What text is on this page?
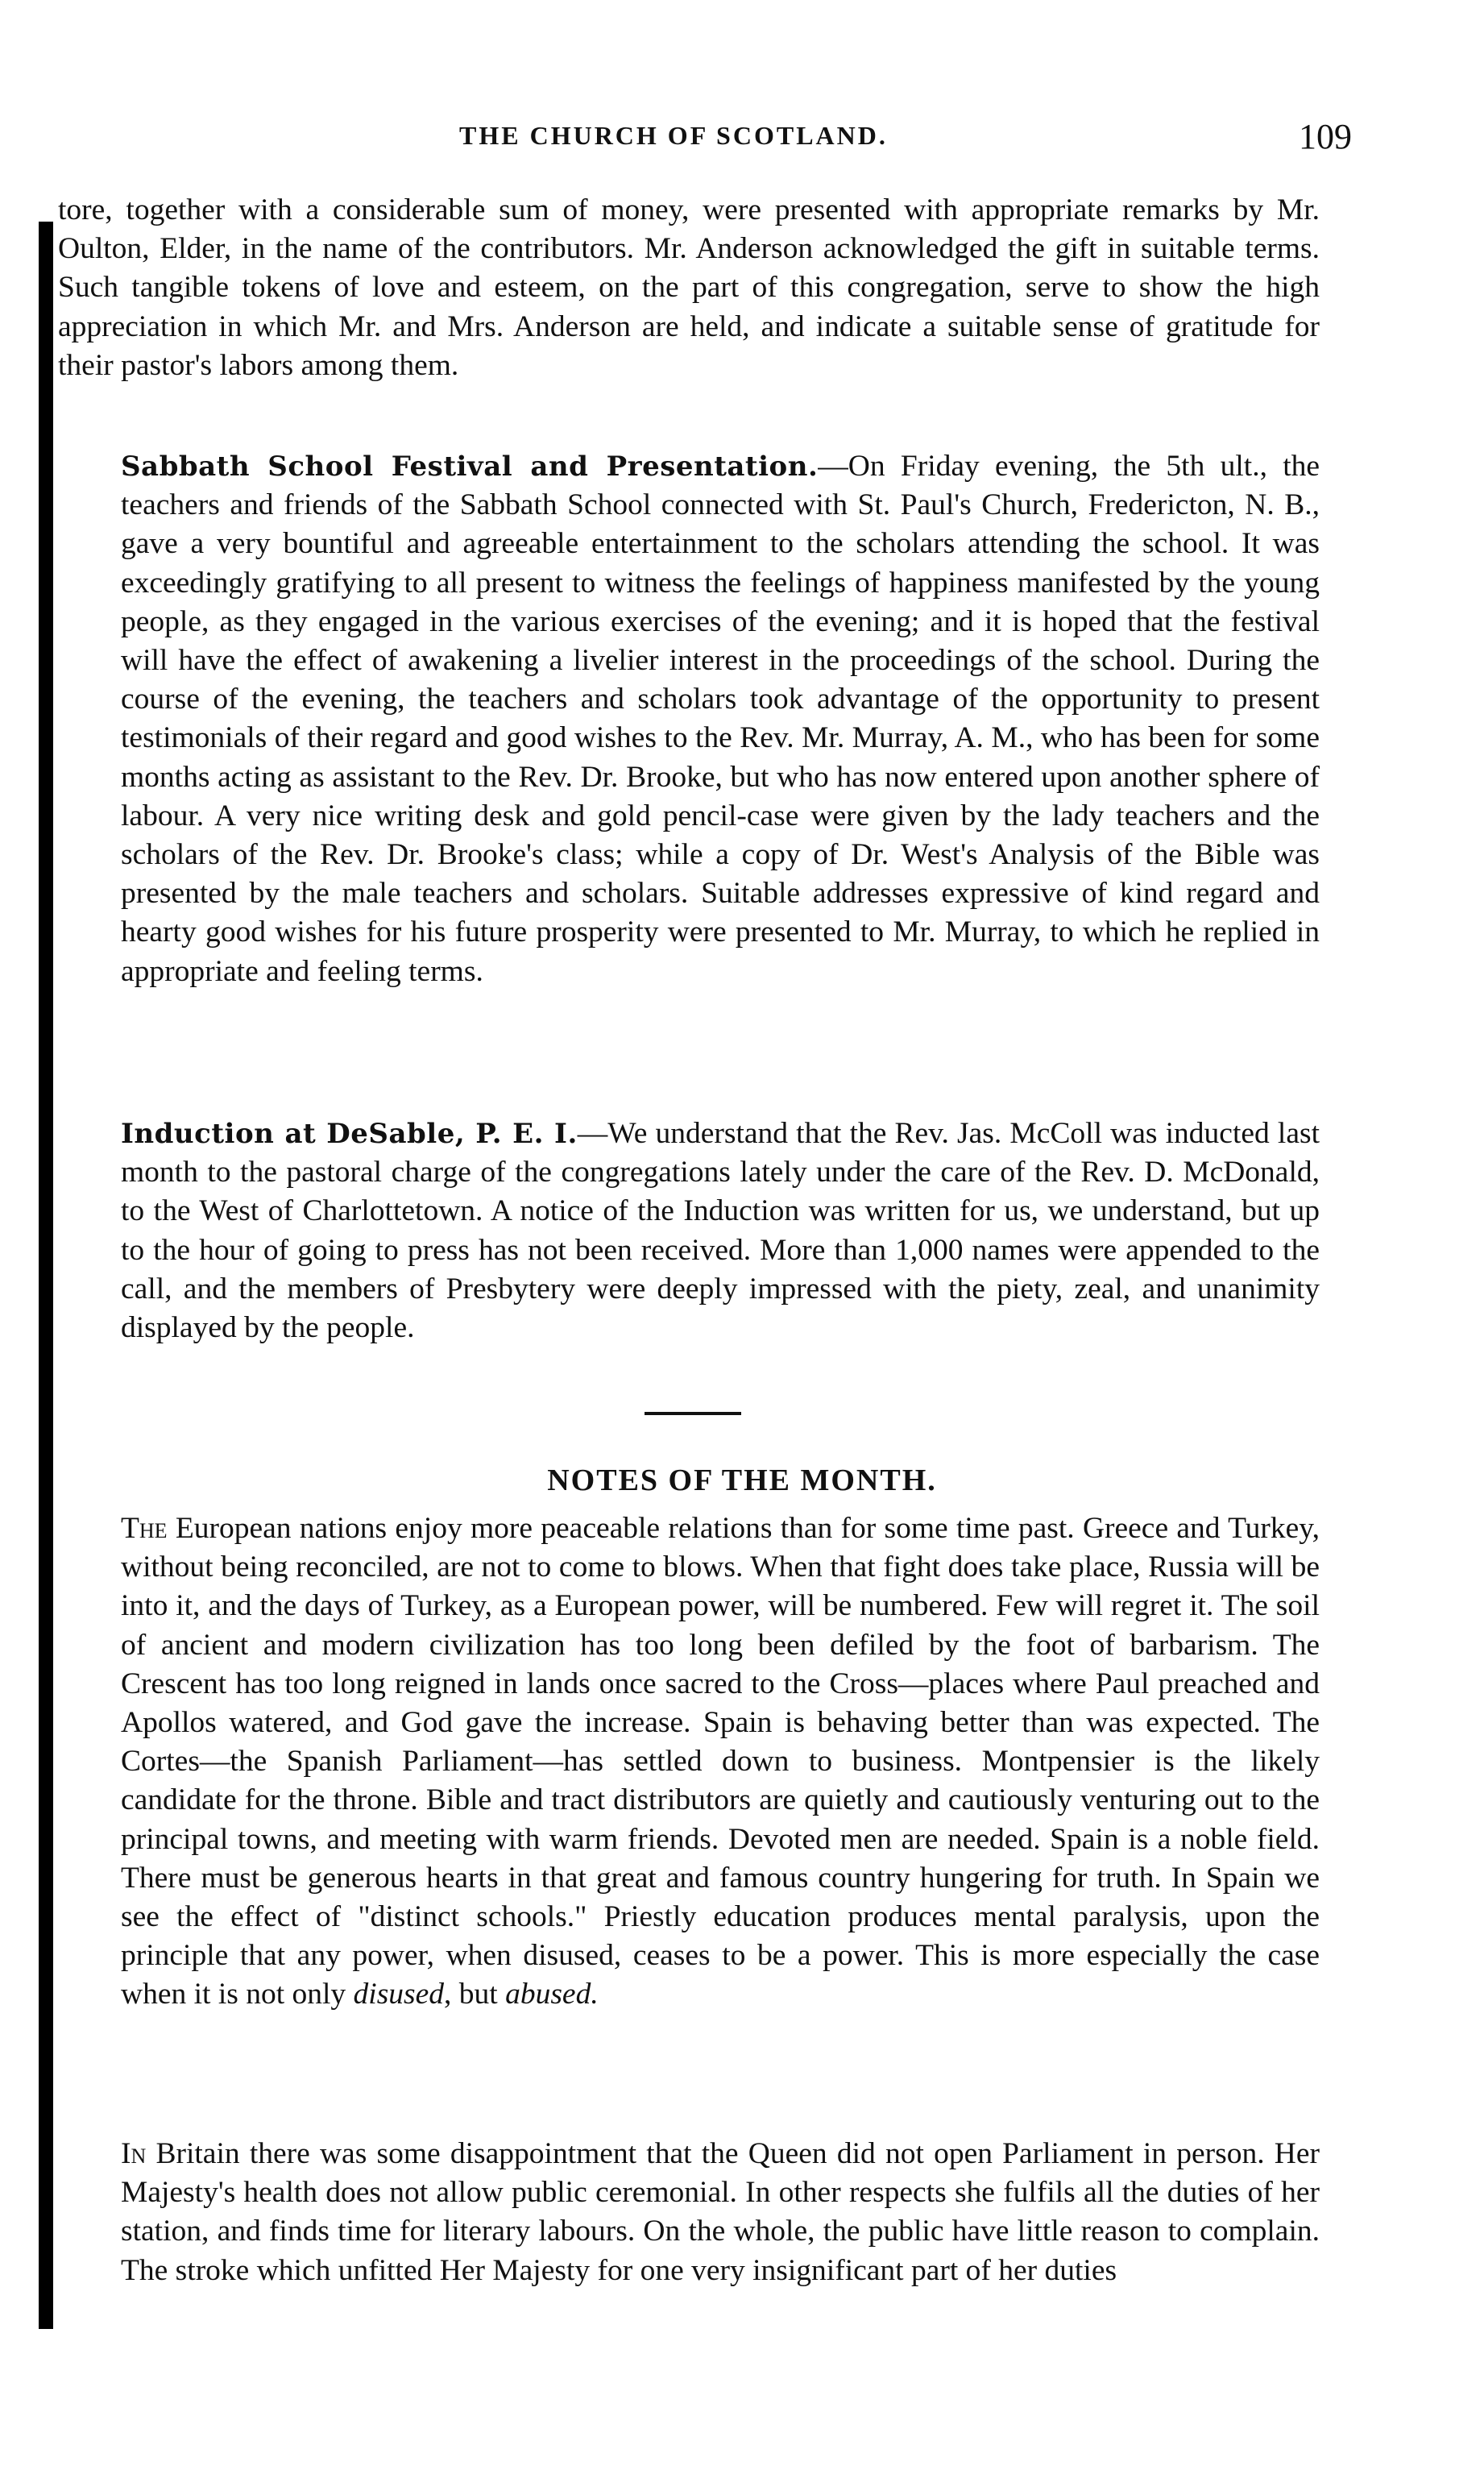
THE CHURCH OF SCOTLAND.	109

tore, together with a considerable sum of money, were presented with appropriate remarks by Mr. Oulton, Elder, in the name of the contributors. Mr. Anderson acknowledged the gift in suitable terms. Such tangible tokens of love and esteem, on the part of this congregation, serve to show the high appreciation in which Mr. and Mrs. Anderson are held, and indicate a suitable sense of gratitude for their pastor's labors among them.

Sabbath School Festival and Presentation.—On Friday evening, the 5th ult., the teachers and friends of the Sabbath School connected with St. Paul's Church, Fredericton, N. B., gave a very bountiful and agreeable entertainment to the scholars attending the school. It was exceedingly gratifying to all present to witness the feelings of happiness manifested by the young people, as they engaged in the various exercises of the evening; and it is hoped that the festival will have the effect of awakening a livelier interest in the proceedings of the school. During the course of the evening, the teachers and scholars took advantage of the opportunity to present testimonials of their regard and good wishes to the Rev. Mr. Murray, A. M., who has been for some months acting as assistant to the Rev. Dr. Brooke, but who has now entered upon another sphere of labour. A very nice writing desk and gold pencil-case were given by the lady teachers and the scholars of the Rev. Dr. Brooke's class; while a copy of Dr. West's Analysis of the Bible was presented by the male teachers and scholars. Suitable addresses expressive of kind regard and hearty good wishes for his future prosperity were presented to Mr. Murray, to which he replied in appropriate and feeling terms.

Induction at DeSable, P. E. I.—We understand that the Rev. Jas. McColl was inducted last month to the pastoral charge of the congregations lately under the care of the Rev. D. McDonald, to the West of Charlottetown. A notice of the Induction was written for us, we understand, but up to the hour of going to press has not been received. More than 1,000 names were appended to the call, and the members of Presbytery were deeply impressed with the piety, zeal, and unanimity displayed by the people.

NOTES OF THE MONTH.

The European nations enjoy more peaceable relations than for some time past. Greece and Turkey, without being reconciled, are not to come to blows. When that fight does take place, Russia will be into it, and the days of Turkey, as a European power, will be numbered. Few will regret it. The soil of ancient and modern civilization has too long been defiled by the foot of barbarism. The Crescent has too long reigned in lands once sacred to the Cross—places where Paul preached and Apollos watered, and God gave the increase. Spain is behaving better than was expected. The Cortes—the Spanish Parliament—has settled down to business. Montpensier is the likely candidate for the throne. Bible and tract distributors are quietly and cautiously venturing out to the principal towns, and meeting with warm friends. Devoted men are needed. Spain is a noble field. There must be generous hearts in that great and famous country hungering for truth. In Spain we see the effect of "distinct schools." Priestly education produces mental paralysis, upon the principle that any power, when disused, ceases to be a power. This is more especially the case when it is not only disused, but abused.

In Britain there was some disappointment that the Queen did not open Parliament in person. Her Majesty's health does not allow public ceremonial. In other respects she fulfils all the duties of her station, and finds time for literary labours. On the whole, the public have little reason to complain. The stroke which unfitted Her Majesty for one very insignificant part of her duties
